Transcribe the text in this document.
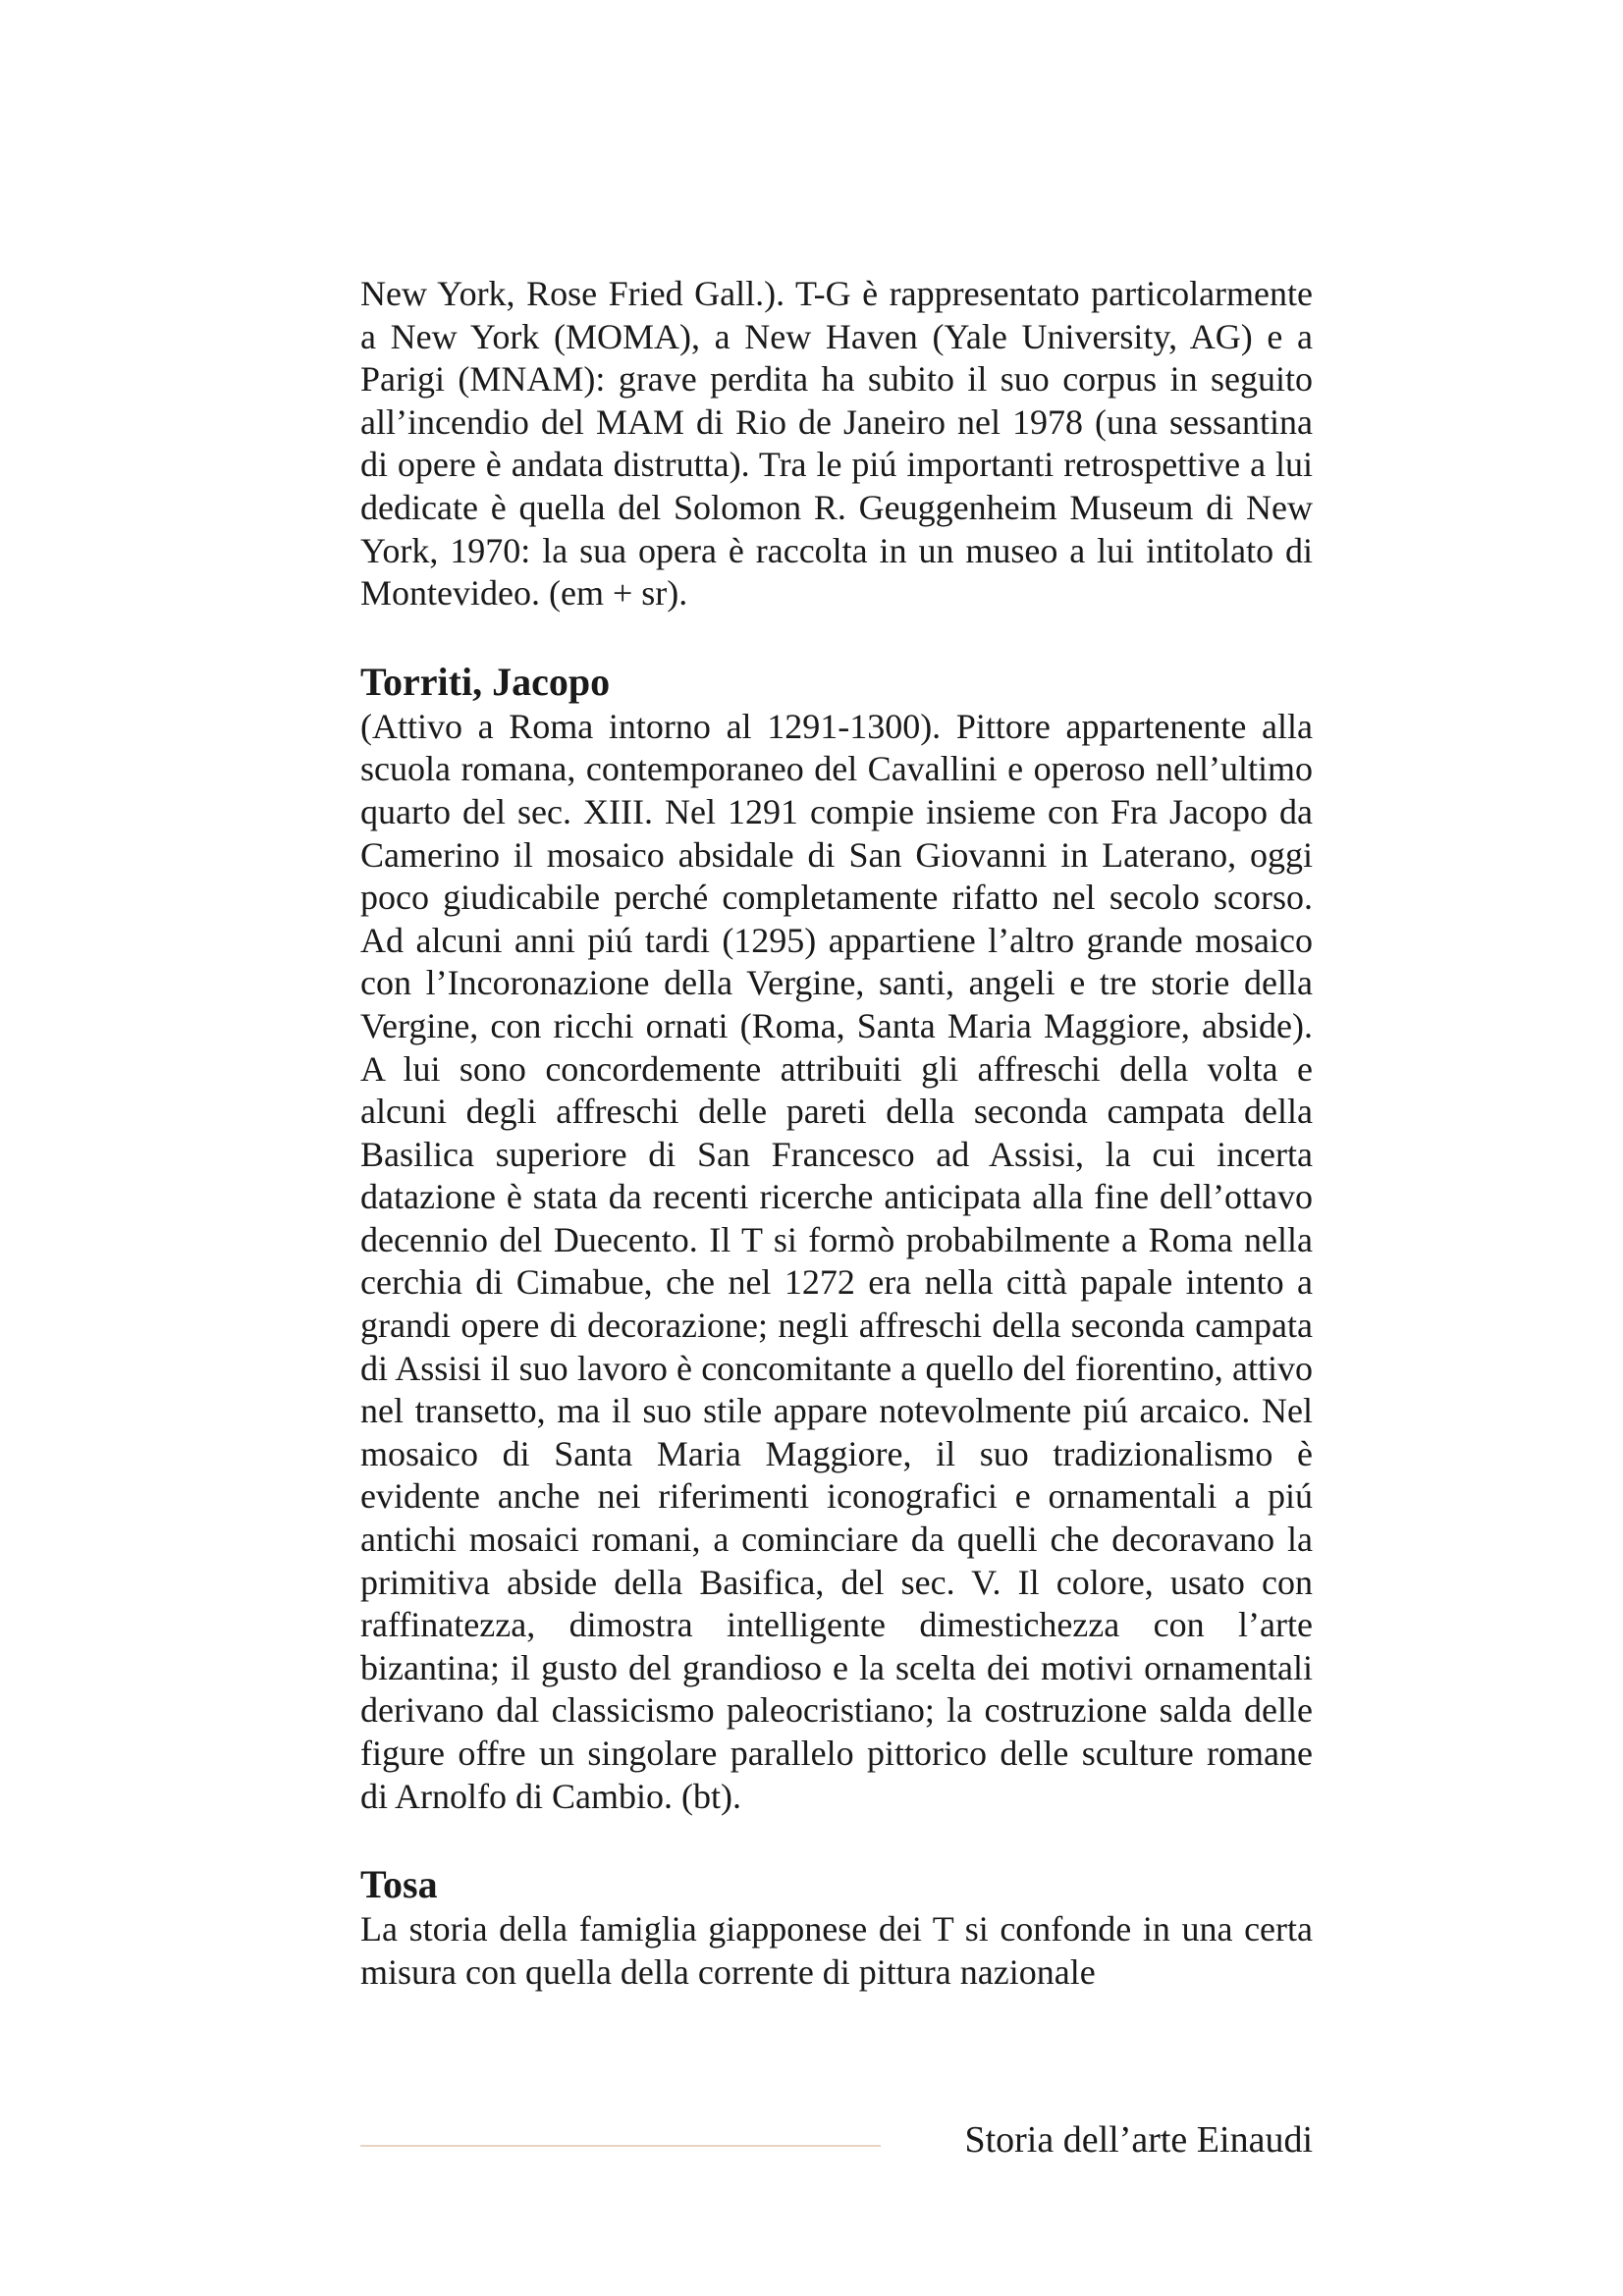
New York, Rose Fried Gall.). T-G è rappresentato particolarmente a New York (MOMA), a New Haven (Yale University, AG) e a Parigi (MNAM): grave perdita ha subito il suo corpus in seguito all’incendio del MAM di Rio de Janeiro nel 1978 (una sessantina di opere è andata distrutta). Tra le piú importanti retrospettive a lui dedicate è quella del Solomon R. Geuggenheim Museum di New York, 1970: la sua opera è raccolta in un museo a lui intitolato di Montevideo. (em + sr).

Torriti, Jacopo

(Attivo a Roma intorno al 1291-1300). Pittore appartenente alla scuola romana, contemporaneo del Cavallini e operoso nell’ultimo quarto del sec. XIII. Nel 1291 compie insieme con Fra Jacopo da Camerino il mosaico absidale di San Giovanni in Laterano, oggi poco giudicabile perché completamente rifatto nel secolo scorso. Ad alcuni anni piú tardi (1295) appartiene l’altro grande mosaico con l’Incoronazione della Vergine, santi, angeli e tre storie della Vergine, con ricchi ornati (Roma, Santa Maria Maggiore, abside). A lui sono concordemente attribuiti gli affreschi della volta e alcuni degli affreschi delle pareti della seconda campata della Basilica superiore di San Francesco ad Assisi, la cui incerta datazione è stata da recenti ricerche anticipata alla fine dell’ottavo decennio del Duecento. Il T si formò probabilmente a Roma nella cerchia di Cimabue, che nel 1272 era nella città papale intento a grandi opere di decorazione; negli affreschi della seconda campata di Assisi il suo lavoro è concomitante a quello del fiorentino, attivo nel transetto, ma il suo stile appare notevolmente piú arcaico. Nel mosaico di Santa Maria Maggiore, il suo tradizionalismo è evidente anche nei riferimenti iconografici e ornamentali a piú antichi mosaici romani, a cominciare da quelli che decoravano la primitiva abside della Basifica, del sec. V. Il colore, usato con raffinatezza, dimostra intelligente dimestichezza con l’arte bizantina; il gusto del grandioso e la scelta dei motivi ornamentali derivano dal classicismo paleocristiano; la costruzione salda delle figure offre un singolare parallelo pittorico delle sculture romane di Arnolfo di Cambio. (bt).

Tosa

La storia della famiglia giapponese dei T si confonde in una certa misura con quella della corrente di pittura nazionale

Storia dell’arte Einaudi
